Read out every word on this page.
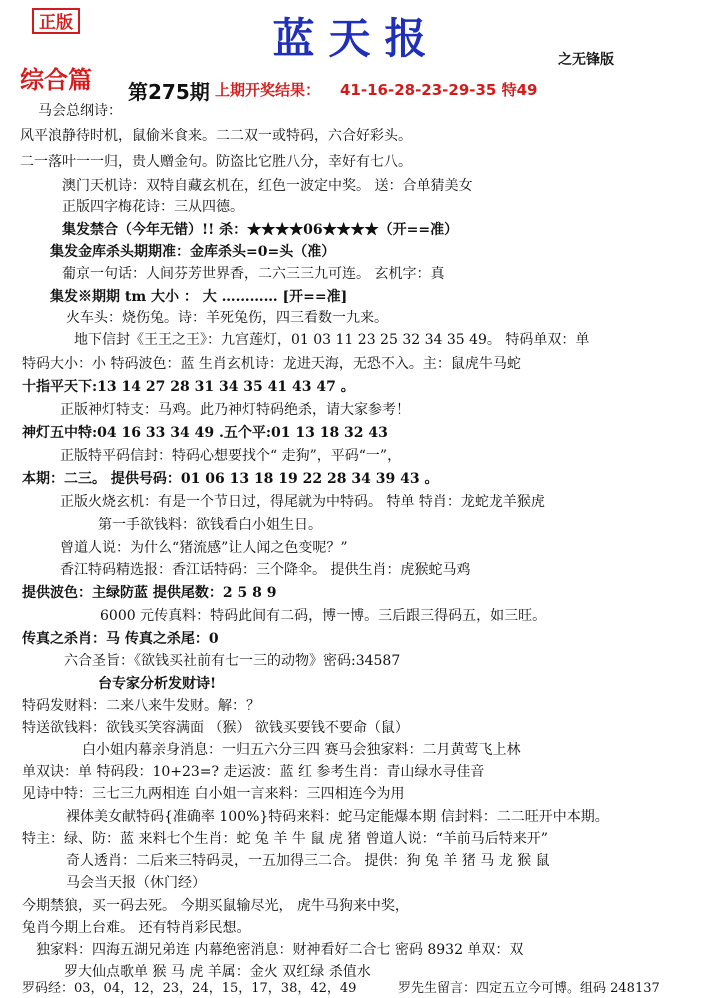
正版	蓝天报	之无锋版
综合篇 第275期 上期开奖结果： 41-16-28-23-29-35 特49
马会总纲诗：
风平浪静待时机，鼠偷米食来。二二双一或特码，六合好彩头。
二一落叶一一归，贵人赠金句。防盗比它胜八分，幸好有七八。
澳门天机诗：双特自藏玄机在，红色一波定中奖。 送：合单猜美女
正版四字梅花诗：三从四德。
集发禁合（今年无错）!! 杀：★★★★06★★★★（开==准）
集发金库杀头期期准：金库杀头=0=头（准）
葡京一句话：人间芬芳世界香，二六三三九可连。 玄机字：真
集发※期期 tm 大小 ： 大 ………… [开==准]
火车头：烧伤兔。诗：羊死兔伤，四三看数一九来。
地下信封《王王之王》：九宫莲灯，01 03 11 23 25 32 34 35 49。 特码单双：单
特码大小：小 特码波色：蓝 生肖玄机诗：龙进天海，无恐不入。主：鼠虎牛马蛇
十指平天下:13 14 27 28 31 34 35 41 43 47 。
正版神灯特支：马鸡。此乃神灯特码绝杀，请大家参考！
神灯五中特:04 16 33 34 49 .五个平:01 13 18 32 43
正版特平码信封：特码心想要找个“ 走狗”，平码“一”，
本期：二三。 提供号码：01 06 13 18 19 22 28 34 39 43 。
正版火烧玄机：有是一个节日过，得尾就为中特码。 特单 特肖：龙蛇龙羊猴虎
第一手欲钱料：欲钱看白小姐生日。
曾道人说：为什么“猪流感”让人闻之色变呢？”
香江特码精选报：香江话特码：三个降伞。 提供生肖：虎猴蛇马鸡
提供波色：主绿防蓝 提供尾数：2 5 8 9
6000 元传真料：特码此间有二码，博一博。三后跟三得码五，如三旺。
传真之杀肖：马 传真之杀尾：0
六合圣旨：《欲钱买社前有七一三的动物》密码:34587
台专家分析发财诗!
特码发财料：二来八来牛发财。解：？
特送欲钱料：欲钱买笑容满面 （猴） 欲钱买要钱不要命（鼠）
白小姐内幕亲身消息：一归五六分三四 赛马会独家料：二月黄莺飞上林
单双诀：单 特码段：10+23=? 走运波：蓝 红 参考生肖：青山绿水寻佳音
见诗中特：三七三九两相连 白小姐一言来料：三四相连今为用
裸体美女献特码{准确率 100%}特码来料：蛇马定能爆本期 信封料：二二旺开中本期。
特主：绿、防：蓝 来料七个生肖：蛇 兔 羊 牛 鼠 虎 猪 曾道人说：“羊前马后特来开”
奇人透肖：二后来三特码灵，一五加得三二合。 提供：狗 兔 羊 猪 马 龙 猴 鼠
马会当天报（休门经）
今期禁狼，买一码去死。 今期买鼠输尽光， 虎牛马狗来中奖，
兔肖今期上台难。 还有特肖彩民想。
独家料：四海五湖兄弟连 内幕绝密消息：财神看好二合七 密码 8932 单双：双
罗大仙点歌单 猴 马 虎 羊属：金火 双红绿 杀值水
罗码经：03，04，12，23，24，15，17，38，42，49	罗先生留言：四定五立今可博。组码 248137
